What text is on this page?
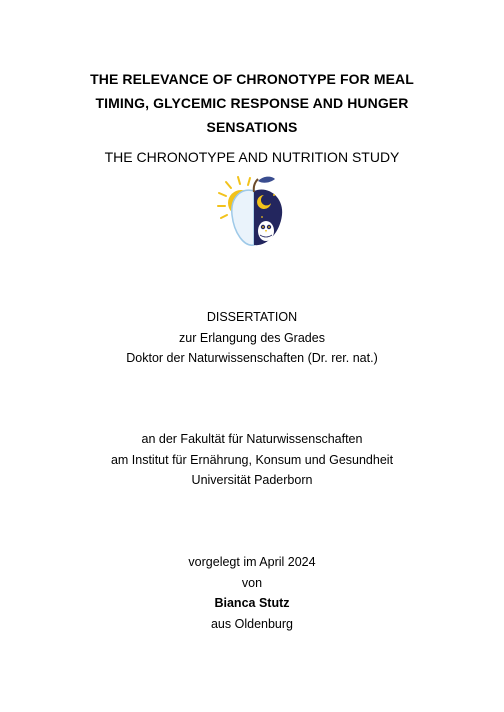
THE RELEVANCE OF CHRONOTYPE FOR MEAL
TIMING, GLYCEMIC RESPONSE AND HUNGER
SENSATIONS
THE CHRONOTYPE AND NUTRITION STUDY
DISSERTATION
zur Erlangung des Grades
Doktor der Naturwissenschaften (Dr. rer. nat.)
an der Fakultät für Naturwissenschaften
am Institut für Ernährung, Konsum und Gesundheit
Universität Paderborn
vorgelegt im April 2024
von
Bianca Stutz
aus Oldenburg
